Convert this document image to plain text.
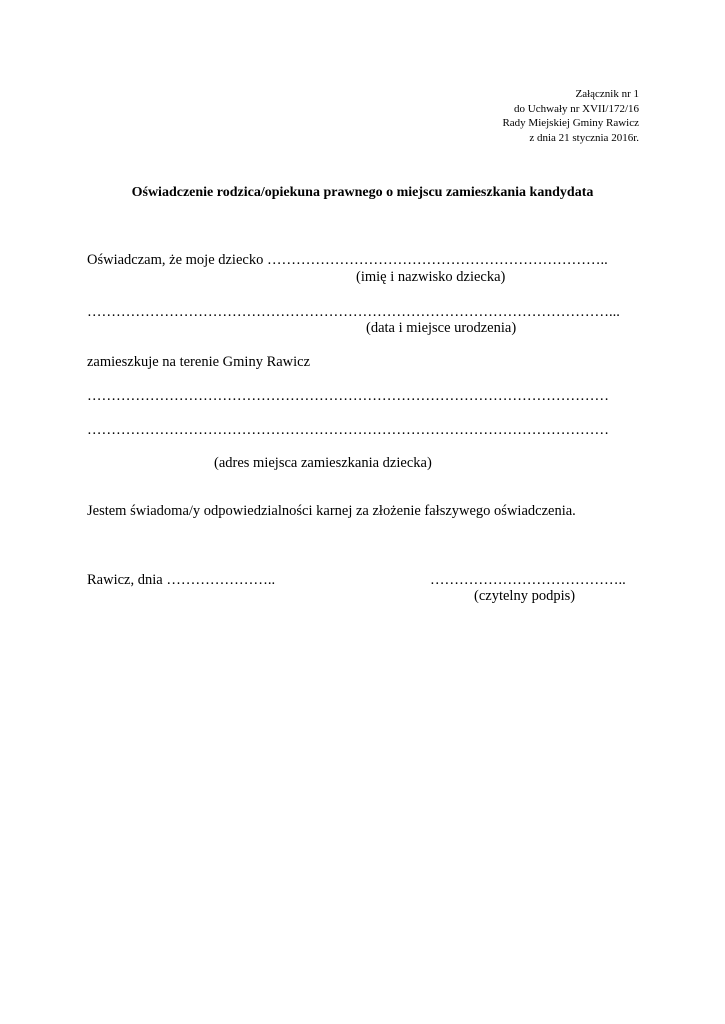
Załącznik nr 1
do Uchwały nr XVII/172/16
Rady Miejskiej Gminy Rawicz
z dnia 21 stycznia 2016r.
Oświadczenie rodzica/opiekuna prawnego o miejscu zamieszkania kandydata
Oświadczam, że moje dziecko ……………………………………………………………..
(imię i nazwisko dziecka)
………………………………………………………………………………………………...
(data i miejsce urodzenia)
zamieszkuje na terenie Gminy Rawicz
………………………………………………………………………………………………
………………………………………………………………………………………………
(adres miejsca zamieszkania dziecka)
Jestem świadoma/y odpowiedzialności karnej za złożenie fałszywego oświadczenia.
Rawicz, dnia …………………..	…………………………………..
(czytelny podpis)
